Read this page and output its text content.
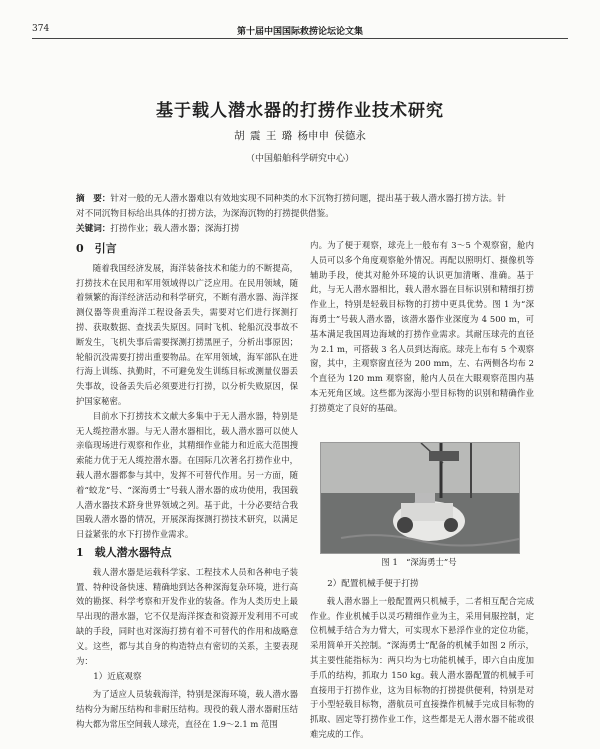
374	第十届中国国际救捞论坛论文集
基于载人潜水器的打捞作业技术研究
胡 震 王 璐 杨申申 侯德永
（中国船舶科学研究中心）
摘　要：针对一般的无人潜水器难以有效地实现不同种类的水下沉物打捞问题，提出基于载人潜水器打捞方法。针对不同沉物目标给出具体的打捞方法，为深海沉物的打捞提供借鉴。
关键词：打捞作业；载人潜水器；深海打捞
0　引言

随着我国经济发展，海洋装备技术和能力的不断提高，打捞技术在民用和军用领域得以广泛应用。在民用领域，随着频繁的海洋经济活动和科学研究，不断有潜水器、海洋探测仪器等贵重海洋工程设备丢失，需要对它们进行探测打捞、获取数据、查找丢失原因。同时飞机、轮船沉没事故不断发生，飞机失事后需要探测打捞黑匣子，分析出事原因；轮船沉没需要打捞出重要物品。在军用领域，海军部队在进行海上训练、执勤时，不可避免发生训练目标或测量仪器丢失事故，设备丢失后必须要进行打捞，以分析失败原因，保护国家秘密。

目前水下打捞技术文献大多集中于无人潜水器，特别是无人缆控潜水器。与无人潜水器相比，载人潜水器可以使人亲临现场进行观察和作业，其精细作业能力和近底大范围搜索能力优于无人缆控潜水器。在国际几次著名打捞作业中，载人潜水器都参与其中，发挥不可替代作用。另一方面，随着“蛟龙”号、“深海勇士”号载人潜水器的成功使用，我国载人潜水器技术跻身世界领域之列。基于此，十分必要结合我国载人潜水器的情况，开展深海探测打捞技术研究，以满足日益紧张的水下打捞作业需求。

1　载人潜水器特点

载人潜水器是运载科学家、工程技术人员和各种电子装置、特种设备快速、精确地到达各种深海复杂环境，进行高效的勘探、科学考察和开发作业的装备。作为人类历史上最早出现的潜水器，它不仅是海洋探查和资源开发利用不可或缺的手段，同时也对深海打捞有着不可替代的作用和战略意义。这些，都与其自身的构造特点有密切的关系，主要表现为：

1）近底观察

为了适应人员装载海洋，特别是深海环境，载人潜水器结构分为耐压结构和非耐压结构。现役的载人潜水器耐压结构大都为常压空间载人球壳，直径在 1.9～2.1 m 范围

内。为了便于观察，球壳上一般布有 3～5 个观察窗，舱内人员可以多个角度观察舱外情况。再配以照明灯、摄像机等辅助手段，使其对舱外环境的认识更加清晰、准确。基于此，与无人潜水器相比，载人潜水器在目标识别和精细打捞作业上，特别是轻载目标物的打捞中更具优势。图 1 为“深海勇士”号载人潜水器，该潜水器作业深度为 4 500 m，可基本满足我国周边海域的打捞作业需求。其耐压球壳的直径为 2.1 m，可搭载 3 名人员到达海底。球壳上布有 5 个观察窗，其中，主观察窗直径为 200 mm，左、右两侧各均布 2 个直径为 120 mm 观察窗，舱内人员在大眼观察范围内基本无死角区域。这些都为深海小型目标物的识别和精确作业打捞奠定了良好的基础。

图 1　“深海勇士”号
2）配置机械手便于打捞

载人潜水器上一般配置两只机械手，二者相互配合完成作业。作业机械手以灵巧精细作业为主，采用伺服控制，定位机械手结合为力臂大，可实现水下悬浮作业的定位功能，采用简单开关控制。“深海勇士”配备的机械手如图 2 所示，其主要性能指标为：两只均为七功能机械手，即六自由度加手爪的结构，抓取力 150 kg。载人潜水器配置的机械手可直接用于打捞作业，这为目标物的打捞提供便利，特别是对于小型轻载目标物，潜航员可直接操作机械手完成目标物的抓取、固定等打捞作业工作，这些都是无人潜水器不能或很难完成的工作。
